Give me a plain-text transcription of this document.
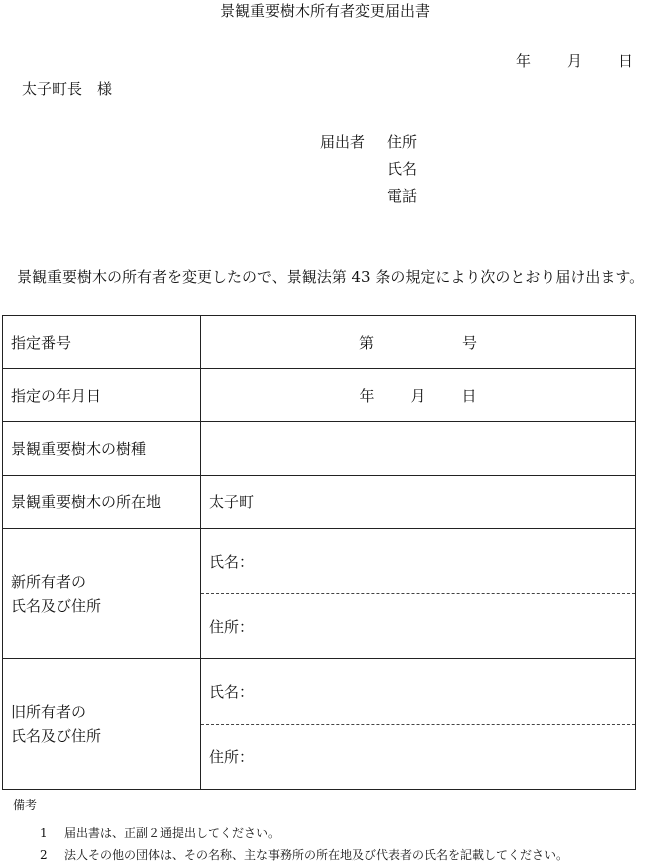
景観重要樹木所有者変更届出書
年 月 日
太子町長　様
届出者 住所
氏名
電話
景観重要樹木の所有者を変更したので、景観法第 43 条の規定により次のとおり届け出ます。
指定番号	第 号
指定の年月日	年 月 日
景観重要樹木の樹種	
景観重要樹木の所在地	太子町

新所有者の
氏名及び住所	氏名：
	住所：

旧所有者の
氏名及び住所	氏名：
	住所：
備考
1 届出書は、正副２通提出してください。
2 法人その他の団体は、その名称、主な事務所の所在地及び代表者の氏名を記載してください。
